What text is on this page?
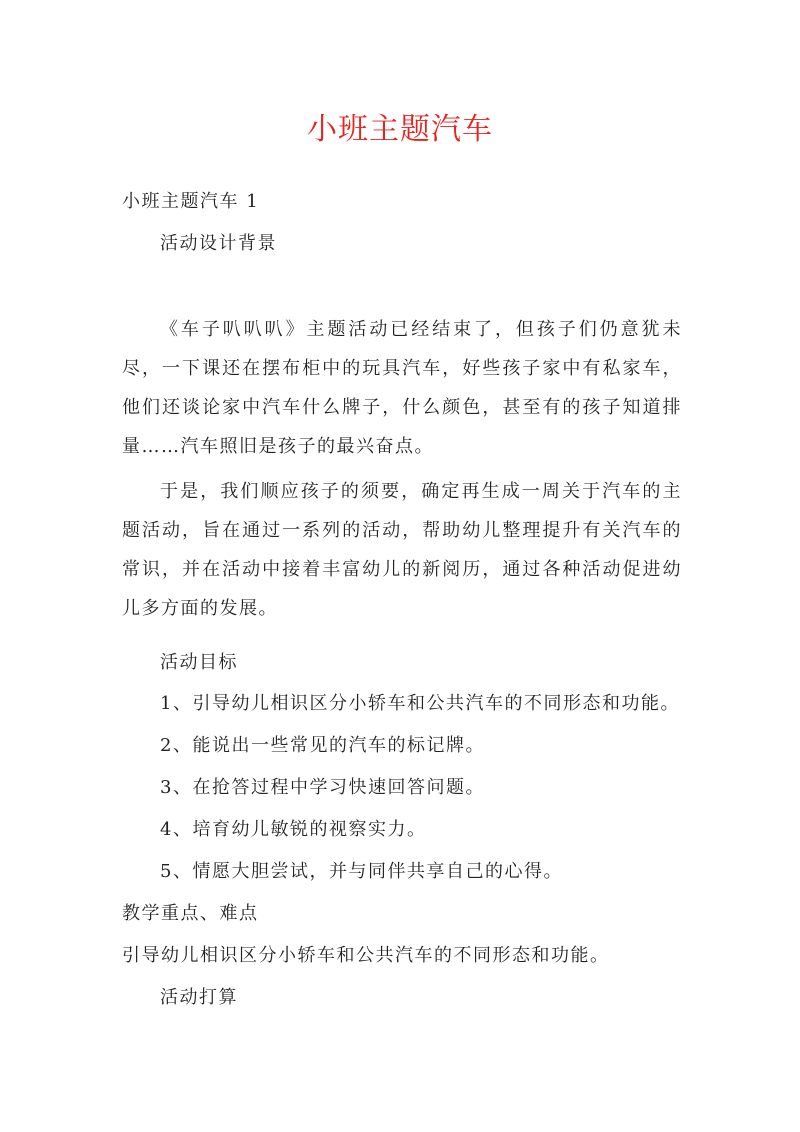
小班主题汽车
小班主题汽车 1
活动设计背景

《车子叭叭叭》主题活动已经结束了，但孩子们仍意犹未尽，一下课还在摆布柜中的玩具汽车，好些孩子家中有私家车，他们还谈论家中汽车什么牌子，什么颜色，甚至有的孩子知道排量……汽车照旧是孩子的最兴奋点。

于是，我们顺应孩子的须要，确定再生成一周关于汽车的主题活动，旨在通过一系列的活动，帮助幼儿整理提升有关汽车的常识，并在活动中接着丰富幼儿的新阅历，通过各种活动促进幼儿多方面的发展。

活动目标
1、引导幼儿相识区分小轿车和公共汽车的不同形态和功能。
2、能说出一些常见的汽车的标记牌。
3、在抢答过程中学习快速回答问题。
4、培育幼儿敏锐的视察实力。
5、情愿大胆尝试，并与同伴共享自己的心得。
教学重点、难点
引导幼儿相识区分小轿车和公共汽车的不同形态和功能。
活动打算
